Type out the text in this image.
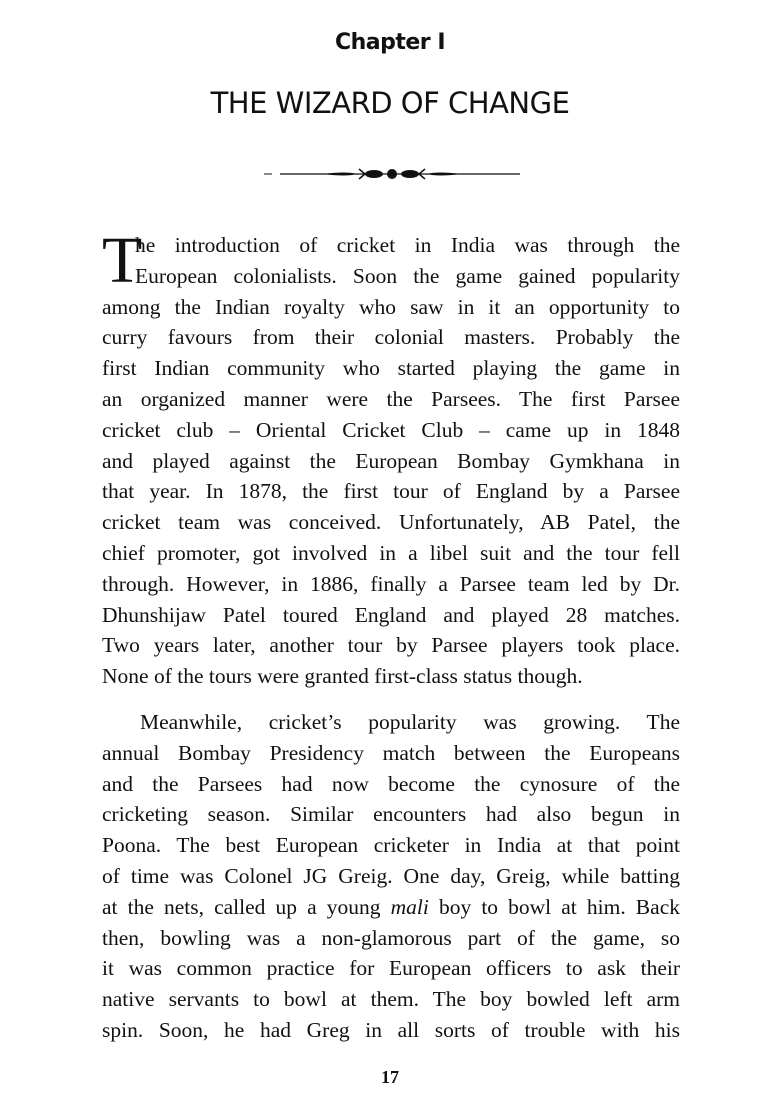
Chapter I
THE WIZARD OF CHANGE
T
he introduction of cricket in India was through the
European colonialists. Soon the game gained popularity
among the Indian royalty who saw in it an opportunity to
curry favours from their colonial masters. Probably the
first Indian community who started playing the game in
an organized manner were the Parsees. The first Parsee
cricket club – Oriental Cricket Club – came up in 1848
and played against the European Bombay Gymkhana in
that year. In 1878, the first tour of England by a Parsee
cricket team was conceived. Unfortunately, AB Patel, the
chief promoter, got involved in a libel suit and the tour fell
through. However, in 1886, finally a Parsee team led by Dr.
Dhunshijaw Patel toured England and played 28 matches.
Two years later, another tour by Parsee players took place.
None of the tours were granted first-class status though.
Meanwhile, cricket’s popularity was growing. The
annual Bombay Presidency match between the Europeans
and the Parsees had now become the cynosure of the
cricketing season. Similar encounters had also begun in
Poona. The best European cricketer in India at that point
of time was Colonel JG Greig. One day, Greig, while batting
at the nets, called up a young mali boy to bowl at him. Back
then, bowling was a non-glamorous part of the game, so
it was common practice for European officers to ask their
native servants to bowl at them. The boy bowled left arm
spin. Soon, he had Greg in all sorts of trouble with his
17
